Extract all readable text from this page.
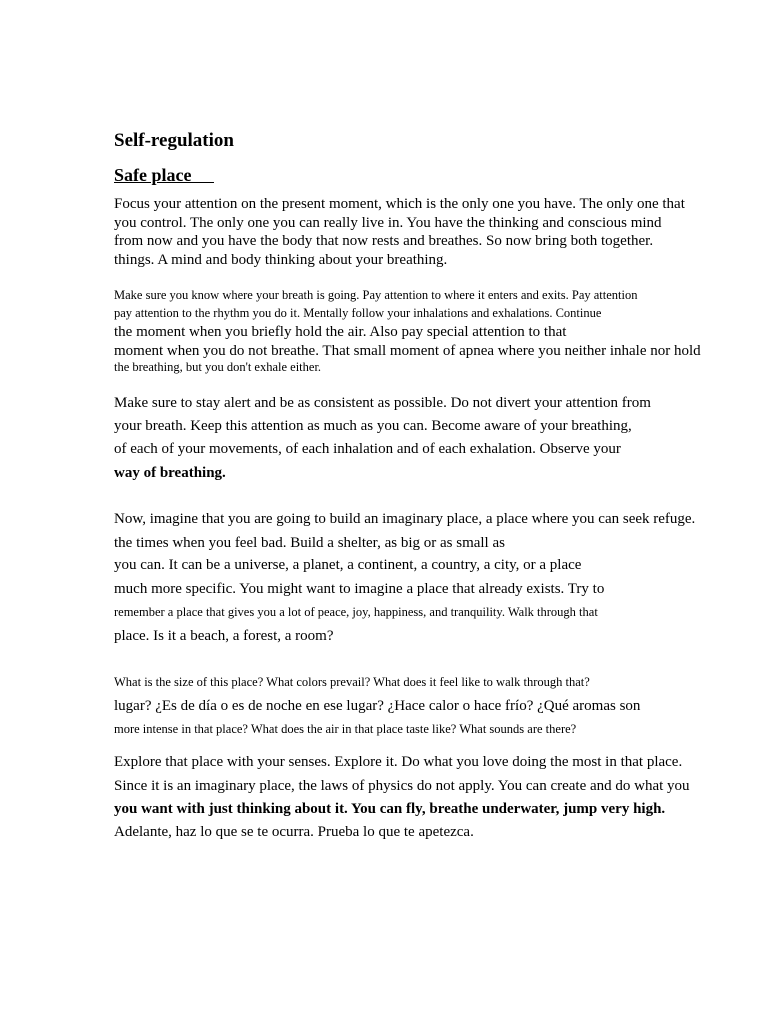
Self-regulation
Safe place
Focus your attention on the present moment, which is the only one you have. The only one that
you control. The only one you can really live in. You have the thinking and conscious mind
from now and you have the body that now rests and breathes. So now bring both together.
things. A mind and body thinking about your breathing.
Make sure you know where your breath is going. Pay attention to where it enters and exits. Pay attention
pay attention to the rhythm you do it. Mentally follow your inhalations and exhalations. Continue
the moment when you briefly hold the air. Also pay special attention to that
moment when you do not breathe. That small moment of apnea where you neither inhale nor hold
the breathing, but you don't exhale either.
Make sure to stay alert and be as consistent as possible. Do not divert your attention from
your breath. Keep this attention as much as you can. Become aware of your breathing,
of each of your movements, of each inhalation and of each exhalation. Observe your
way of breathing.
Now, imagine that you are going to build an imaginary place, a place where you can seek refuge.
the times when you feel bad. Build a shelter, as big or as small as
you can. It can be a universe, a planet, a continent, a country, a city, or a place
much more specific. You might want to imagine a place that already exists. Try to
remember a place that gives you a lot of peace, joy, happiness, and tranquility. Walk through that
place. Is it a beach, a forest, a room?
What is the size of this place? What colors prevail? What does it feel like to walk through that?
lugar? ¿Es de día o es de noche en ese lugar? ¿Hace calor o hace frío? ¿Qué aromas son
more intense in that place? What does the air in that place taste like? What sounds are there?
Explore that place with your senses. Explore it. Do what you love doing the most in that place.
Since it is an imaginary place, the laws of physics do not apply. You can create and do what you
you want with just thinking about it. You can fly, breathe underwater, jump very high.
Adelante, haz lo que se te ocurra. Prueba lo que te apetezca.
